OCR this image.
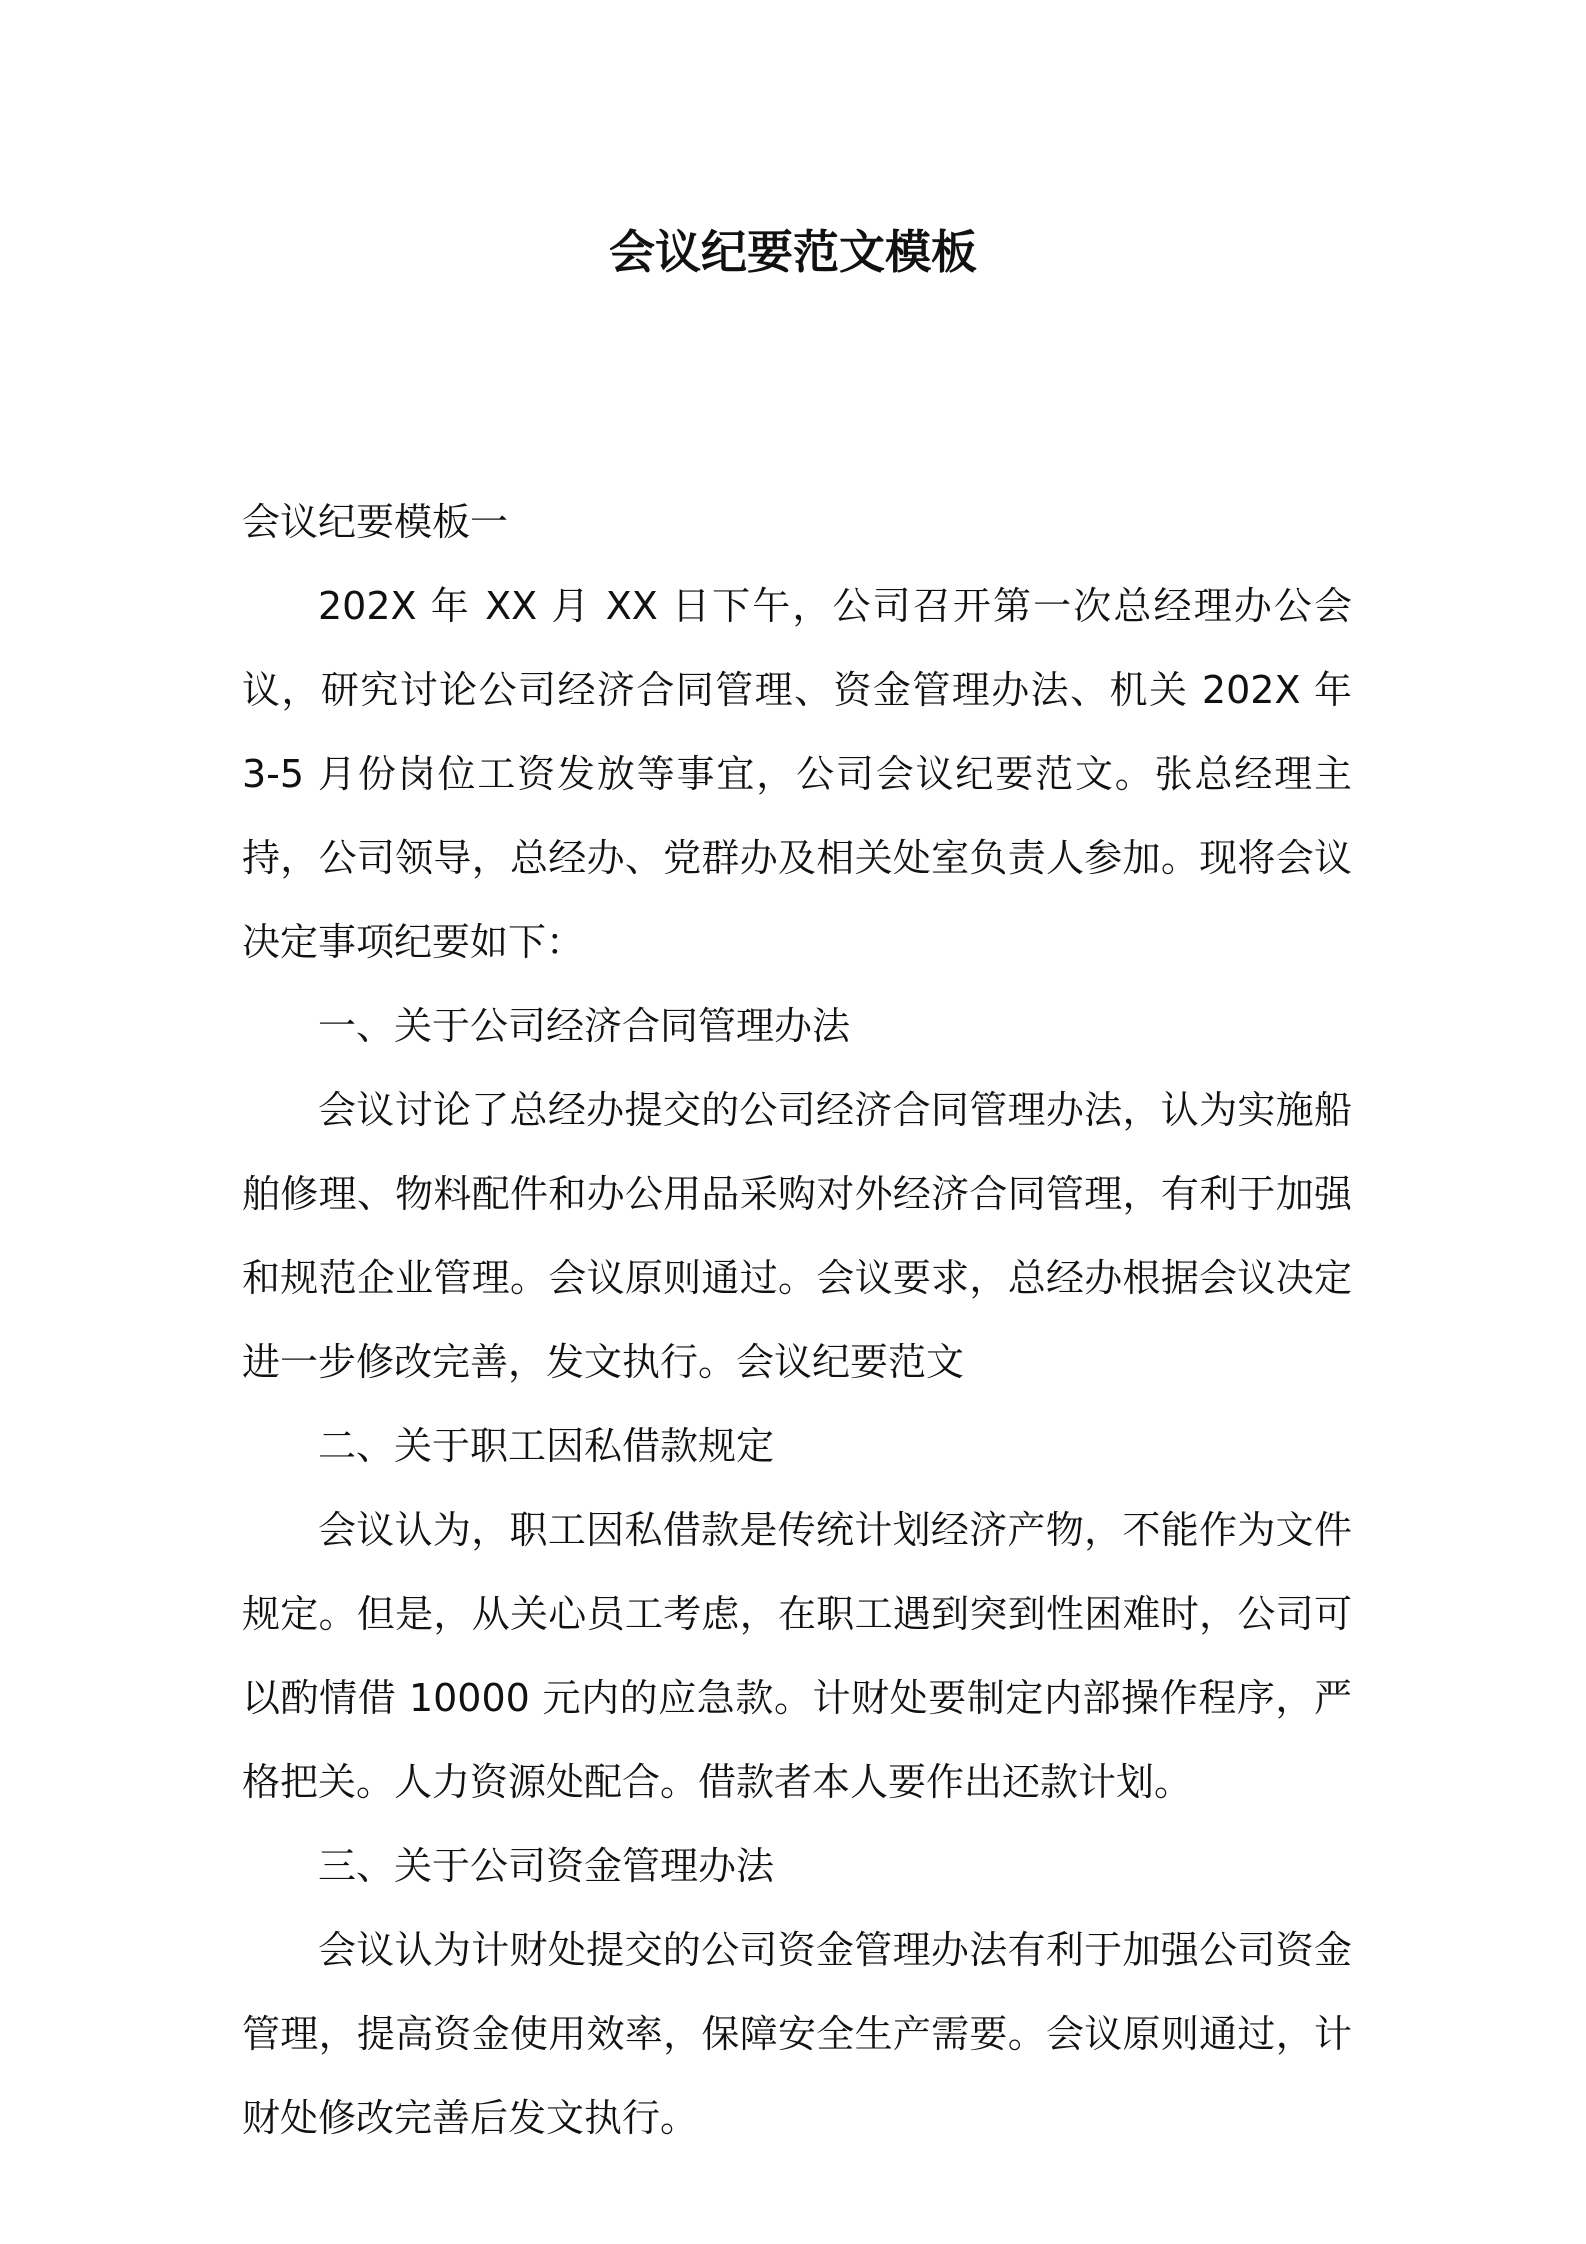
会议纪要范文模板

会议纪要模板一

202X 年 XX 月 XX 日下午，公司召开第一次总经理办公会议，研究讨论公司经济合同管理、资金管理办法、机关 202X 年 3-5 月份岗位工资发放等事宜，公司会议纪要范文。张总经理主持，公司领导，总经办、党群办及相关处室负责人参加。现将会议决定事项纪要如下：

一、关于公司经济合同管理办法

会议讨论了总经办提交的公司经济合同管理办法，认为实施船舶修理、物料配件和办公用品采购对外经济合同管理，有利于加强和规范企业管理。会议原则通过。会议要求，总经办根据会议决定进一步修改完善，发文执行。会议纪要范文

二、关于职工因私借款规定

会议认为，职工因私借款是传统计划经济产物，不能作为文件规定。但是，从关心员工考虑，在职工遇到突到性困难时，公司可以酌情借 10000 元内的应急款。计财处要制定内部操作程序，严格把关。人力资源处配合。借款者本人要作出还款计划。

三、关于公司资金管理办法

会议认为计财处提交的公司资金管理办法有利于加强公司资金管理，提高资金使用效率，保障安全生产需要。会议原则通过，计财处修改完善后发文执行。
